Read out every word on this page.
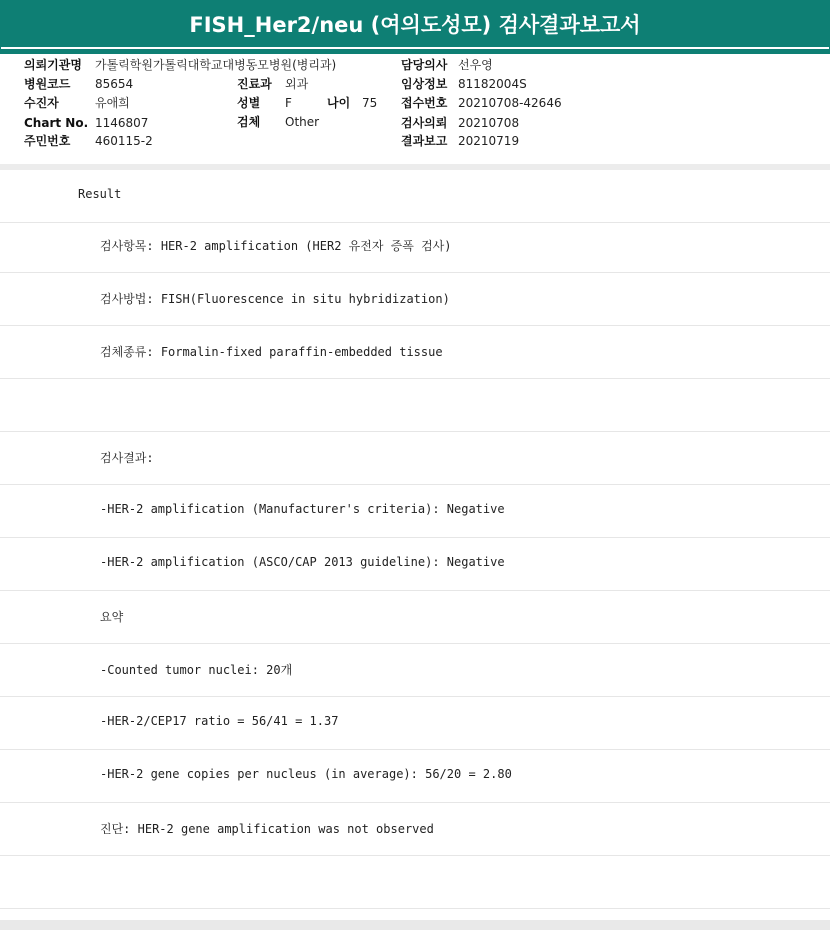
FISH_Her2/neu (여의도성모) 검사결과보고서
의뢰기관명 가톨릭학원가톨릭대학교대병동모병원(병리과)
병원코드 85654
수진자	유애희
Chart No. 1146807
주민번호 460115-2
진료과 외과
성별 F	나이 75
검체 Other
담당의사 선우영
임상정보 81182004S
접수번호 20210708-42646
검사의뢰 20210708
결과보고 20210719
Result
검사항목: HER-2 amplification (HER2 유전자 증폭 검사)
검사방법: FISH(Fluorescence in situ hybridization)
검체종류: Formalin-fixed paraffin-embedded tissue
검사결과:
-HER-2 amplification (Manufacturer's criteria): Negative
-HER-2 amplification (ASCO/CAP 2013 guideline): Negative
요약
-Counted tumor nuclei: 20개
-HER-2/CEP17 ratio = 56/41 = 1.37
-HER-2 gene copies per nucleus (in average): 56/20 = 2.80
진단: HER-2 gene amplification was not observed
